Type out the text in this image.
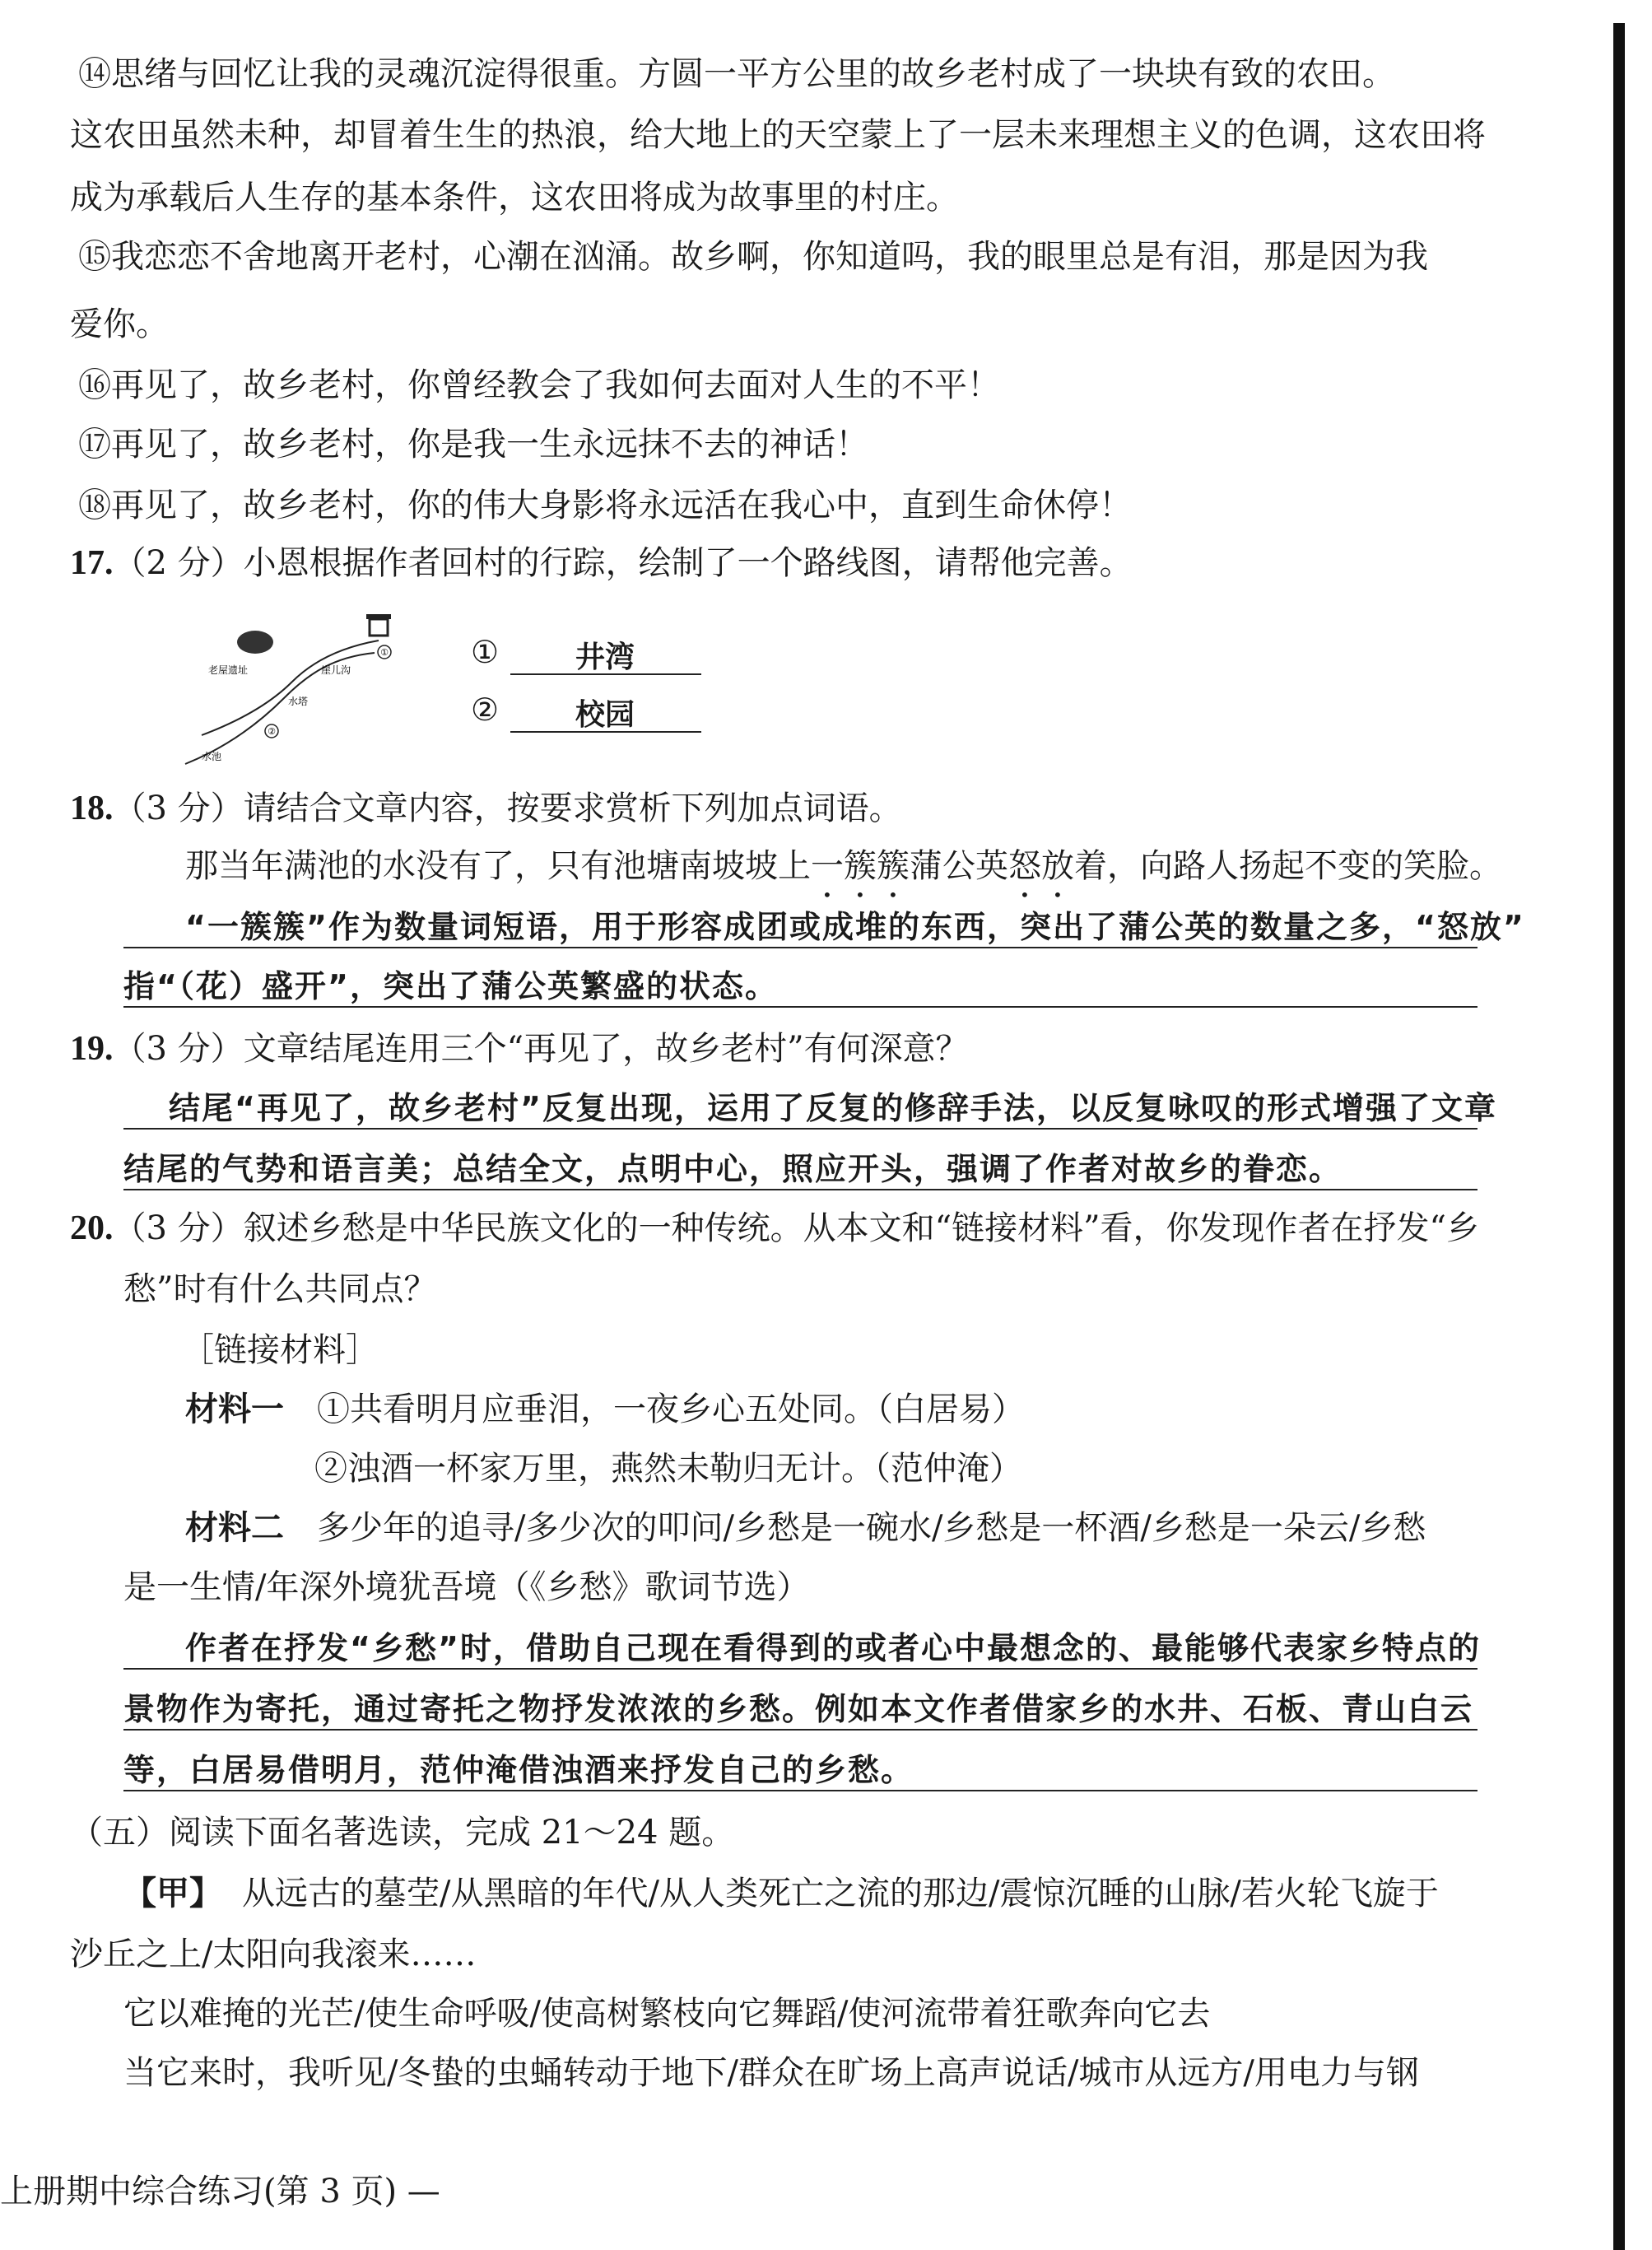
⑭思绪与回忆让我的灵魂沉淀得很重。方圆一平方公里的故乡老村成了一块块有致的农田。
这农田虽然未种，却冒着生生的热浪，给大地上的天空蒙上了一层未来理想主义的色调，这农田将
成为承载后人生存的基本条件，这农田将成为故事里的村庄。
⑮我恋恋不舍地离开老村，心潮在汹涌。故乡啊，你知道吗，我的眼里总是有泪，那是因为我
爱你。
⑯再见了，故乡老村，你曾经教会了我如何去面对人生的不平！
⑰再见了，故乡老村，你是我一生永远抹不去的神话！
⑱再见了，故乡老村，你的伟大身影将永远活在我心中，直到生命休停！
17.（2 分）小恩根据作者回村的行踪，绘制了一个路线图，请帮他完善。
①
②
老屋遗址	崖儿沟
水塔
水池
①	井湾
②	校园
18.（3 分）请结合文章内容，按要求赏析下列加点词语。
那当年满池的水没有了，只有池塘南坡坡上一簇簇蒲公英怒放着，向路人扬起不变的笑脸。
“一簇簇”作为数量词短语，用于形容成团或成堆的东西，突出了蒲公英的数量之多，“怒放”
指“（花）盛开”，突出了蒲公英繁盛的状态。
19.（3 分）文章结尾连用三个“再见了，故乡老村”有何深意？
结尾“再见了，故乡老村”反复出现，运用了反复的修辞手法，以反复咏叹的形式增强了文章
结尾的气势和语言美；总结全文，点明中心，照应开头，强调了作者对故乡的眷恋。
20.（3 分）叙述乡愁是中华民族文化的一种传统。从本文和“链接材料”看，你发现作者在抒发“乡
愁”时有什么共同点？
［链接材料］
材料一 ①共看明月应垂泪，一夜乡心五处同。（白居易）
②浊酒一杯家万里，燕然未勒归无计。（范仲淹）
材料二 多少年的追寻/多少次的叩问/乡愁是一碗水/乡愁是一杯酒/乡愁是一朵云/乡愁
是一生情/年深外境犹吾境（《乡愁》歌词节选）
作者在抒发“乡愁”时，借助自己现在看得到的或者心中最想念的、最能够代表家乡特点的
景物作为寄托，通过寄托之物抒发浓浓的乡愁。例如本文作者借家乡的水井、石板、青山白云
等，白居易借明月，范仲淹借浊酒来抒发自己的乡愁。
（五）阅读下面名著选读，完成 21～24 题。
【甲】 从远古的墓茔/从黑暗的年代/从人类死亡之流的那边/震惊沉睡的山脉/若火轮飞旋于
沙丘之上/太阳向我滚来……
它以难掩的光芒/使生命呼吸/使高树繁枝向它舞蹈/使河流带着狂歌奔向它去
当它来时，我听见/冬蛰的虫蛹转动于地下/群众在旷场上高声说话/城市从远方/用电力与钢
上册期中综合练习(第 3 页) —
